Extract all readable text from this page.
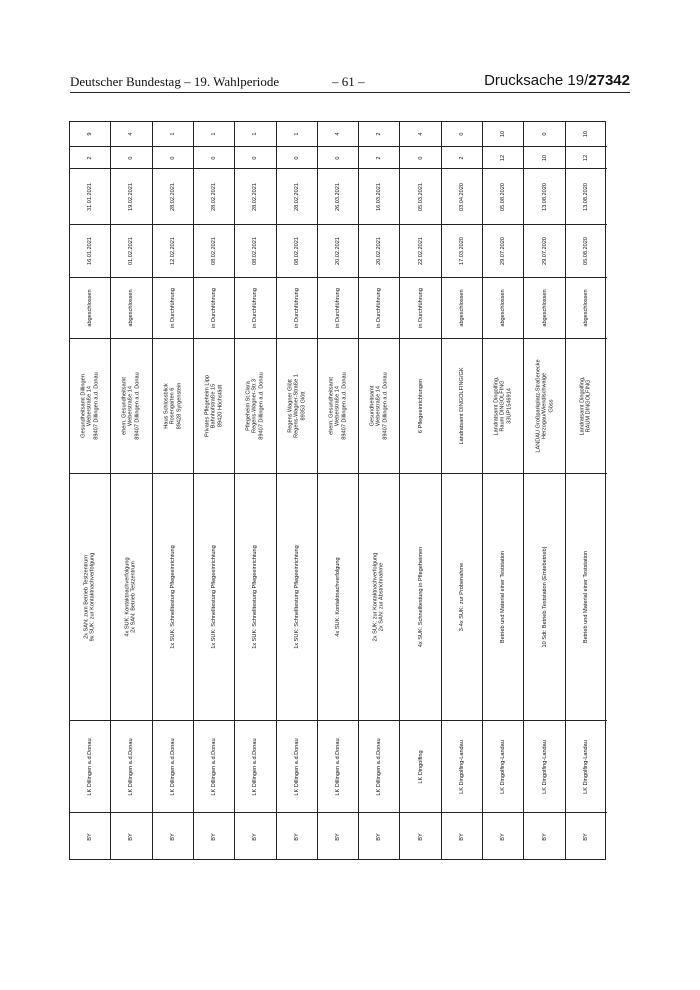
Deutscher Bundestag – 19. Wahlperiode	– 61 –	Drucksache 19/27342
9
2
31.01.2021
16.01.2021
abgeschlossen
Gesundheitsamt Dillingen
Weberstraße 14
89407 Dillingen a.d. Donau
2x SAN: zum Betrieb Testzentrum
9x SUK: zur Kontaktnachverfolgung
LK Dillingen a.d.Donau
BY
4
0
19.02.2021
01.02.2021
abgeschlossen
ehem. Gesundheitsamt
Weberstraße 14
89407 Dillingen a.d. Donau
4x SUK: Kontaktnachverfolgung
2x SAN: Betrieb Testzentrum
LK Dillingen a.d.Donau
BY
1
0
28.02.2021
12.02.2021
in Durchführung
Haus Schlossblick
Rosengarten 6
89428 Syrgenstein
1x SUK: Schnelltestung Pflegeeinrichtung
LK Dillingen a.d.Donau
BY
1
0
28.02.2021
08.02.2021
in Durchführung
Privates Pflegeheim Lipp
Bahnhofstraße 15
89420 Höchstädt
1x SUK: Schnelltestung Pflegeeinrichtung
LK Dillingen a.d.Donau
BY
1
0
28.02.2021
08.02.2021
in Durchführung
Pflegeheim St.Clara
Regens-Wagner-Str.3
89407 Dillingen a.d. Donau
1x SUK: Schnelltestung Pflegeeinrichtung
LK Dillingen a.d.Donau
BY
1
0
28.02.2021
08.02.2021
in Durchführung
Regens Wagner Glött
Regens-Wagner-Straße 1
89353 Glött
1x SUK: Schnelltestung Pflegeeinrichtung
LK Dillingen a.d.Donau
BY
4
0
26.03.2021
20.02.2021
in Durchführung
ehem. Gesundheitsamt
Weberstraße 14
89407 Dillingen a.d. Donau
4x SUK: Kontaktnachverfolgung
LK Dillingen a.d.Donau
BY
2
2
16.03.2021
20.02.2021
in Durchführung
Gesundheitsamt
Weberstraße 14
89407 Dillingen a.d. Donau
2x SUK: zur Kontaktnachverfolgung
2x SAN: zur Abstrichnahme
LK Dillingen a.d.Donau
BY
4
0
05.03.2021
22.02.2021
in Durchführung
6 Pflegeeinrichtungen
4x SUK: Schnelltestung in Pflegeheimen
LK Dingolfing
BY
0
2
03.04.2020
17.03.2020
abgeschlossen
Landratsamt DINGOLFING/GK
3-4x SUK: zur Probenahme
LK Dingolfing-Landau
BY
10
12
05.08.2020
29.07.2020
abgeschlossen
Landratsamt Dingolfing,
Raum DINGOLFING
33UP1546914
Betrieb und Material einer Teststation
LK Dingolfing-Landau
BY
0
10
13.08.2020
29.07.2020
abgeschlossen
LANDAU Großparkplatz-Straßenecke
Herzogau/Wiendlschwaige
Göss
10 Sdt: Betrieb Teststation (Erntebetrieb)
LK Dingolfing-Landau
BY
10
12
13.08.2020
05.08.2020
abgeschlossen
Landratsamt Dingolfing,
RAUM DINGOLFING
Betrieb und Material einer Teststation
LK Dingolfing-Landau
BY
